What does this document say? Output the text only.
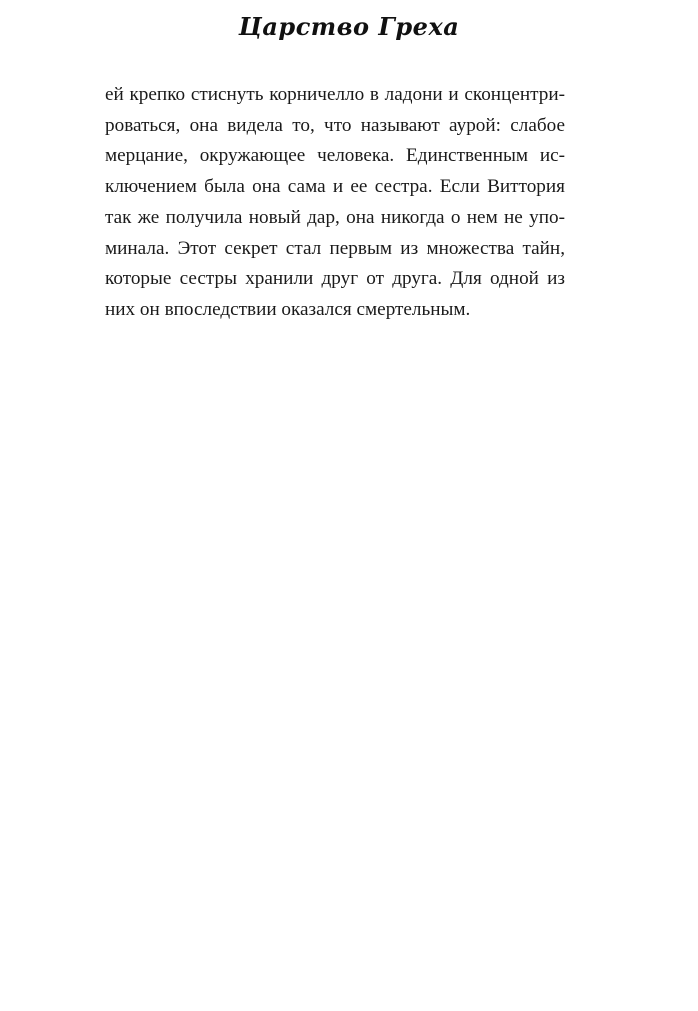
Царство Греха
ей крепко стиснуть корничелло в ладони и сконцентри-
роваться, она видела то, что называют аурой: слабое
мерцание, окружающее человека. Единственным ис-
ключением была она сама и ее сестра. Если Виттория
так же получила новый дар, она никогда о нем не упо-
минала. Этот секрет стал первым из множества тайн,
которые сестры хранили друг от друга. Для одной из
них он впоследствии оказался смертельным.
